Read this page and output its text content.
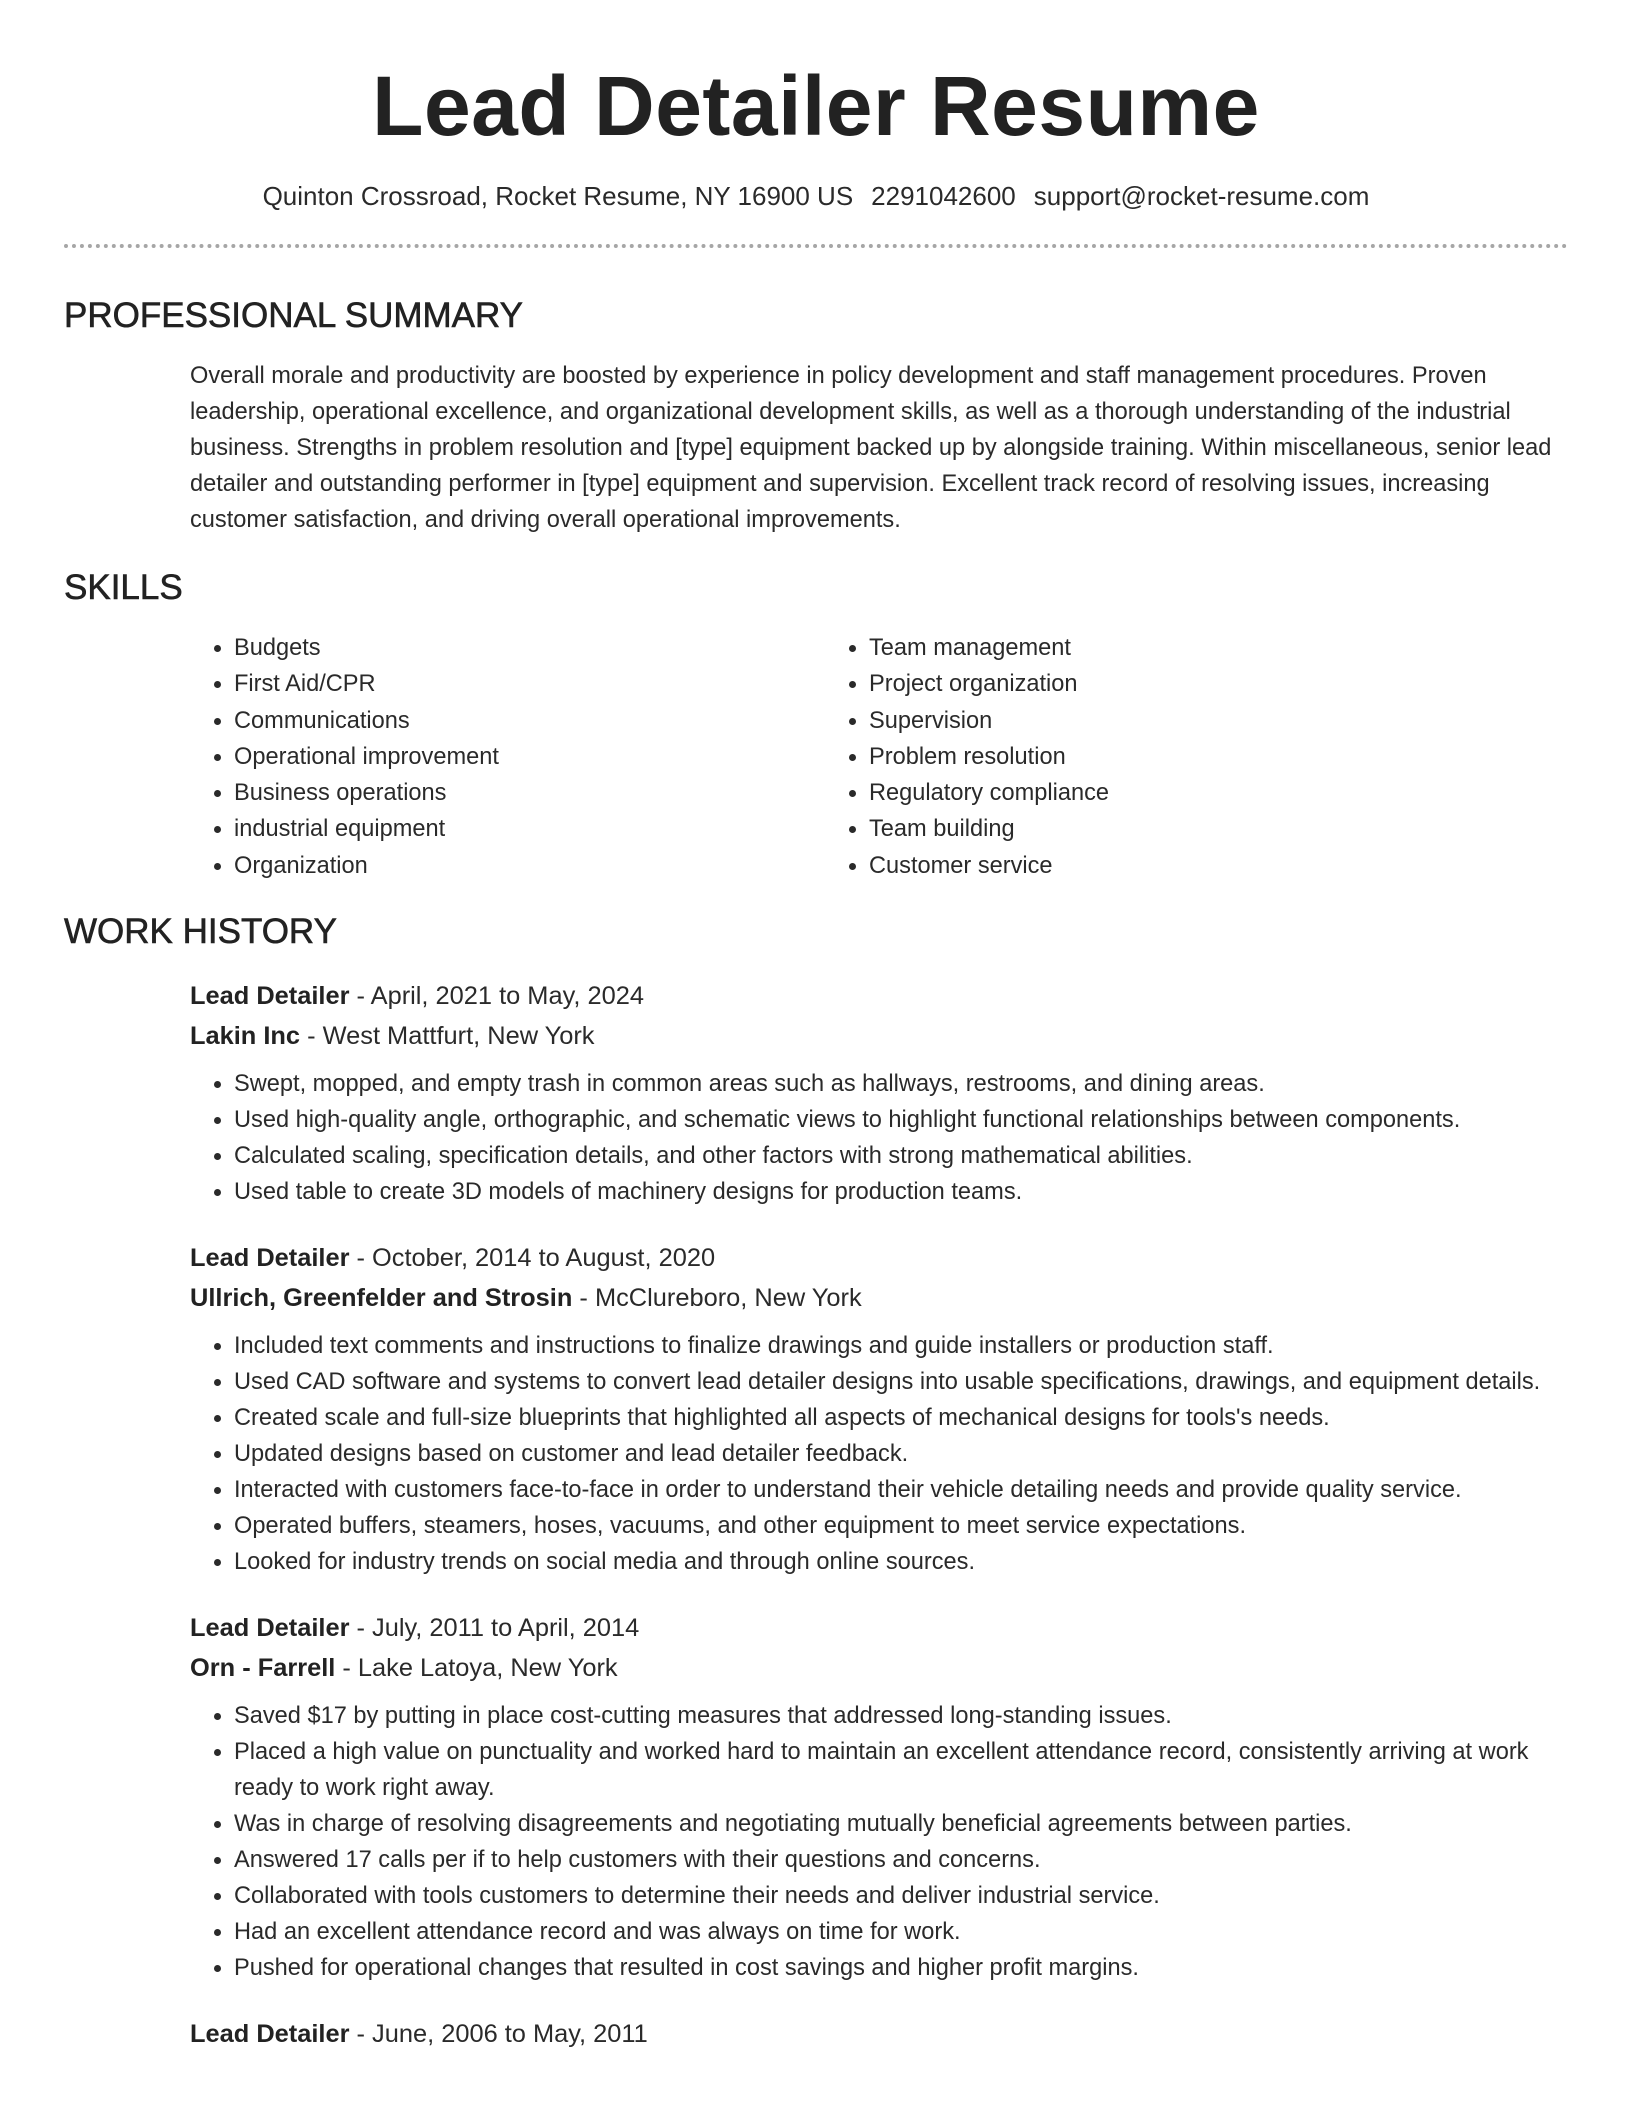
Lead Detailer Resume
Quinton Crossroad, Rocket Resume, NY 16900 US 2291042600 support@rocket-resume.com
PROFESSIONAL SUMMARY

Overall morale and productivity are boosted by experience in policy development and staff management procedures. Proven leadership, operational excellence, and organizational development skills, as well as a thorough understanding of the industrial business. Strengths in problem resolution and [type] equipment backed up by alongside training. Within miscellaneous, senior lead detailer and outstanding performer in [type] equipment and supervision. Excellent track record of resolving issues, increasing customer satisfaction, and driving overall operational improvements.

SKILLS
• Budgets
• First Aid/CPR
• Communications
• Operational improvement
• Business operations
• industrial equipment
• Organization
• Team management
• Project organization
• Supervision
• Problem resolution
• Regulatory compliance
• Team building
• Customer service
WORK HISTORY
Lead Detailer - April, 2021 to May, 2024
Lakin Inc - West Mattfurt, New York
• Swept, mopped, and empty trash in common areas such as hallways, restrooms, and dining areas.
• Used high-quality angle, orthographic, and schematic views to highlight functional relationships between components.
• Calculated scaling, specification details, and other factors with strong mathematical abilities.
• Used table to create 3D models of machinery designs for production teams.
Lead Detailer - October, 2014 to August, 2020
Ullrich, Greenfelder and Strosin - McClureboro, New York
• Included text comments and instructions to finalize drawings and guide installers or production staff.
• Used CAD software and systems to convert lead detailer designs into usable specifications, drawings, and equipment details.
• Created scale and full-size blueprints that highlighted all aspects of mechanical designs for tools's needs.
• Updated designs based on customer and lead detailer feedback.
• Interacted with customers face-to-face in order to understand their vehicle detailing needs and provide quality service.
• Operated buffers, steamers, hoses, vacuums, and other equipment to meet service expectations.
• Looked for industry trends on social media and through online sources.
Lead Detailer - July, 2011 to April, 2014
Orn - Farrell - Lake Latoya, New York
• Saved $17 by putting in place cost-cutting measures that addressed long-standing issues.
• Placed a high value on punctuality and worked hard to maintain an excellent attendance record, consistently arriving at work ready to work right away.
• Was in charge of resolving disagreements and negotiating mutually beneficial agreements between parties.
• Answered 17 calls per if to help customers with their questions and concerns.
• Collaborated with tools customers to determine their needs and deliver industrial service.
• Had an excellent attendance record and was always on time for work.
• Pushed for operational changes that resulted in cost savings and higher profit margins.
Lead Detailer - June, 2006 to May, 2011
